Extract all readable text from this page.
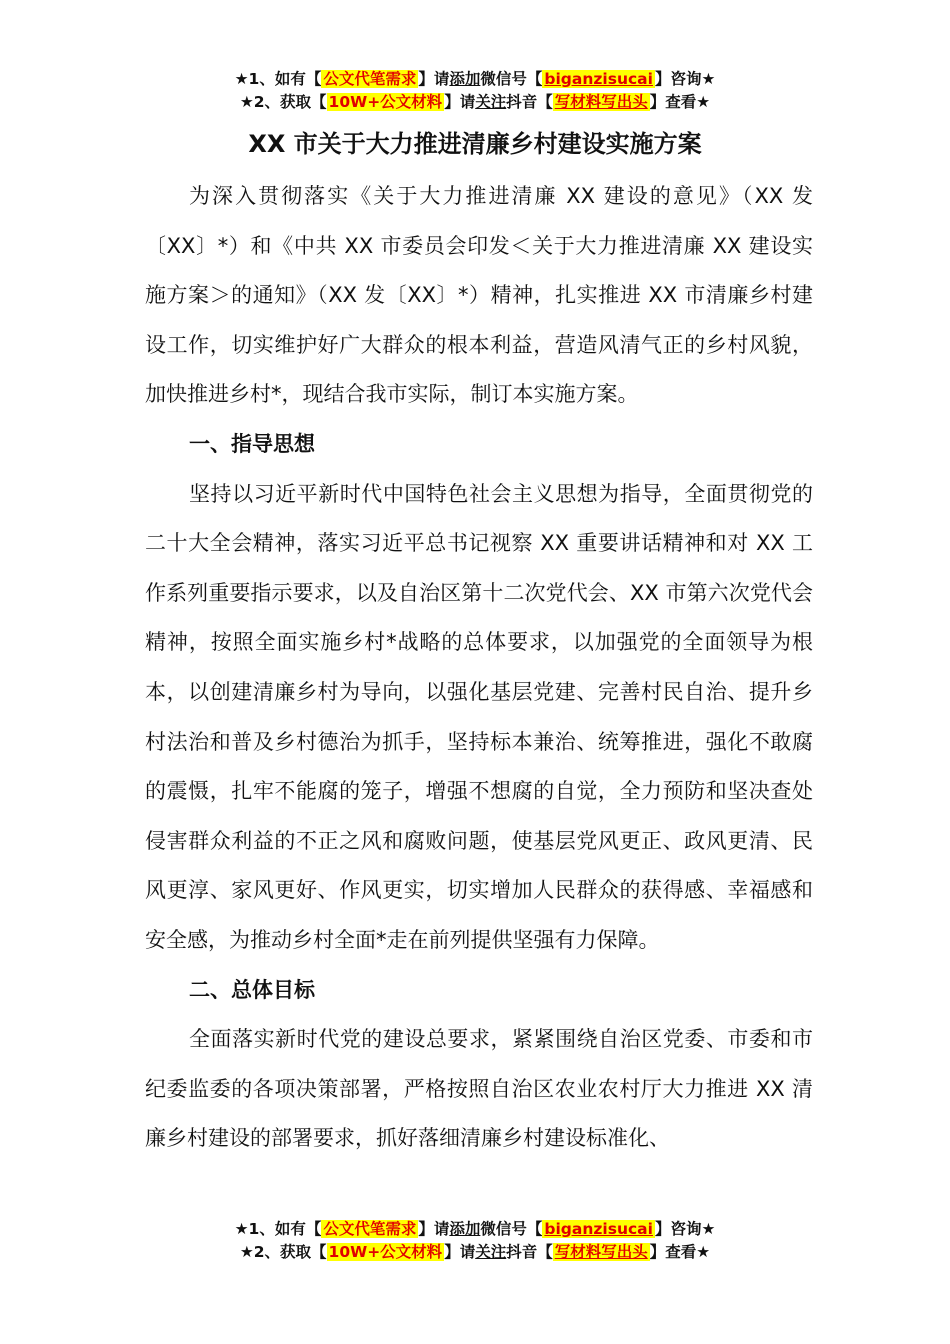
★1、如有【 公文代笔需求 】请添加微信号【 biganzisucai 】咨询★
★2、获取【 10W+公文材料 】请关注抖音【 写材料写出头 】查看★
XX 市关于大力推进清廉乡村建设实施方案

为深入贯彻落实《关于大力推进清廉 XX 建设的意见》（XX 发〔XX〕*）和《中共 XX 市委员会印发＜关于大力推进清廉 XX 建设实施方案＞的通知》（XX 发〔XX〕*）精神，扎实推进 XX 市清廉乡村建设工作，切实维护好广大群众的根本利益，营造风清气正的乡村风貌，加快推进乡村*，现结合我市实际，制订本实施方案。

一、指导思想

坚持以习近平新时代中国特色社会主义思想为指导，全面贯彻党的二十大全会精神，落实习近平总书记视察 XX 重要讲话精神和对 XX 工作系列重要指示要求，以及自治区第十二次党代会、XX 市第六次党代会精神，按照全面实施乡村*战略的总体要求，以加强党的全面领导为根本，以创建清廉乡村为导向，以强化基层党建、完善村民自治、提升乡村法治和普及乡村德治为抓手，坚持标本兼治、统筹推进，强化不敢腐的震慑，扎牢不能腐的笼子，增强不想腐的自觉，全力预防和坚决查处侵害群众利益的不正之风和腐败问题，使基层党风更正、政风更清、民风更淳、家风更好、作风更实，切实增加人民群众的获得感、幸福感和安全感，为推动乡村全面*走在前列提供坚强有力保障。

二、总体目标

全面落实新时代党的建设总要求，紧紧围绕自治区党委、市委和市纪委监委的各项决策部署，严格按照自治区农业农村厅大力推进 XX 清廉乡村建设的部署要求，抓好落细清廉乡村建设标准化、

★1、如有【 公文代笔需求 】请添加微信号【 biganzisucai 】咨询★
★2、获取【 10W+公文材料 】请关注抖音【 写材料写出头 】查看★
